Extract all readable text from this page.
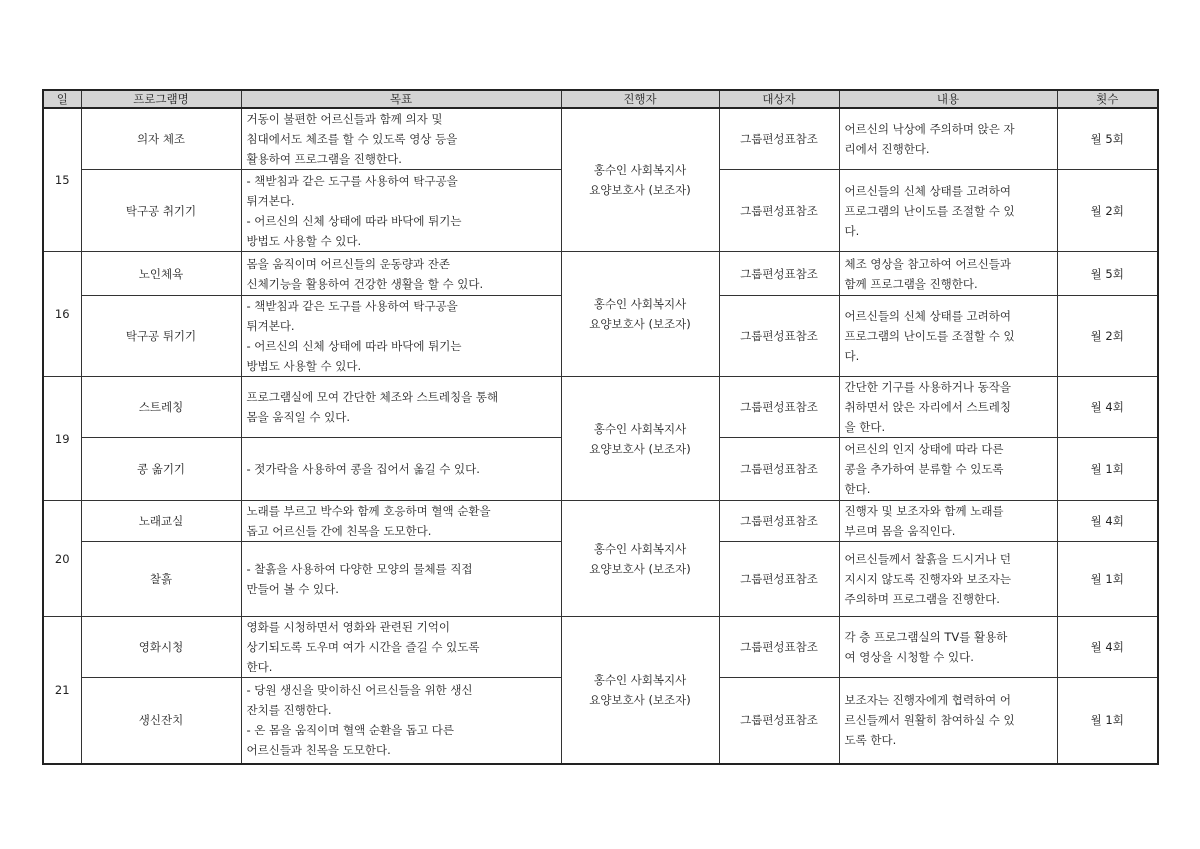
일	프로그램명	목표	진행자	대상자	내용	횟수
15	의자 체조	거동이 불편한 어르신들과 함께 의자 및
침대에서도 체조를 할 수 있도록 영상 등을
활용하여 프로그램을 진행한다.	홍수인 사회복지사
요양보호사 (보조자)	그룹편성표참조	어르신의 낙상에 주의하며 앉은 자
리에서 진행한다.	월 5회
	탁구공 취기기	- 책받침과 같은 도구를 사용하여 탁구공을
튀겨본다.
- 어르신의 신체 상태에 따라 바닥에 튀기는
방법도 사용할 수 있다.		그룹편성표참조	어르신들의 신체 상태를 고려하여
프로그램의 난이도를 조절할 수 있
다.	월 2회
16	노인체육	몸을 움직이며 어르신들의 운동량과 잔존
신체기능을 활용하여 건강한 생활을 할 수 있다.	홍수인 사회복지사
요양보호사 (보조자)	그룹편성표참조	체조 영상을 참고하여 어르신들과
함께 프로그램을 진행한다.	월 5회
	탁구공 튀기기	- 책받침과 같은 도구를 사용하여 탁구공을
튀겨본다.
- 어르신의 신체 상태에 따라 바닥에 튀기는
방법도 사용할 수 있다.		그룹편성표참조	어르신들의 신체 상태를 고려하여
프로그램의 난이도를 조절할 수 있
다.	월 2회
19	스트레칭	프로그램실에 모여 간단한 체조와 스트레칭을 통해
몸을 움직일 수 있다.	홍수인 사회복지사
요양보호사 (보조자)	그룹편성표참조	간단한 기구를 사용하거나 동작을
취하면서 앉은 자리에서 스트레칭
을 한다.	월 4회
	콩 옮기기	- 젓가락을 사용하여 콩을 집어서 옮길 수 있다.		그룹편성표참조	어르신의 인지 상태에 따라 다른
콩을 추가하여 분류할 수 있도록
한다.	월 1회
20	노래교실	노래를 부르고 박수와 함께 호응하며 혈액 순환을
돕고 어르신들 간에 친목을 도모한다.	홍수인 사회복지사
요양보호사 (보조자)	그룹편성표참조	진행자 및 보조자와 함께 노래를
부르며 몸을 움직인다.	월 4회
	찰흙	- 찰흙을 사용하여 다양한 모양의 물체를 직접
만들어 볼 수 있다.		그룹편성표참조	어르신들께서 찰흙을 드시거나 던
지시지 않도록 진행자와 보조자는
주의하며 프로그램을 진행한다.	월 1회
21	영화시청	영화를 시청하면서 영화와 관련된 기억이
상기되도록 도우며 여가 시간을 즐길 수 있도록
한다.	홍수인 사회복지사
요양보호사 (보조자)	그룹편성표참조	각 층 프로그램실의 TV를 활용하
여 영상을 시청할 수 있다.	월 4회
	생신잔치	- 당원 생신을 맞이하신 어르신들을 위한 생신
잔치를 진행한다.
- 온 몸을 움직이며 혈액 순환을 돕고 다른
어르신들과 친목을 도모한다.		그룹편성표참조	보조자는 진행자에게 협력하여 어
르신들께서 원활히 참여하실 수 있
도록 한다.	월 1회
